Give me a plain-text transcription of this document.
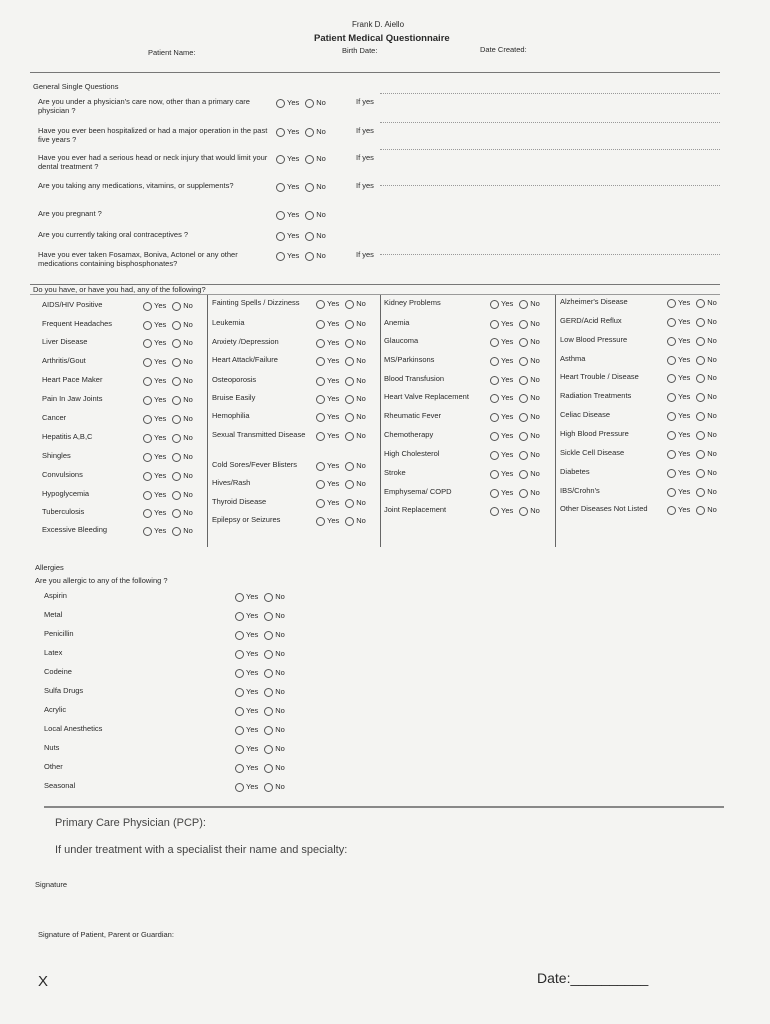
Frank D. Aiello
Patient Medical Questionnaire
Patient Name:	Birth Date:	Date Created:
General Single Questions
Are you under a physician's care now, other than a primary care physician ?
Yes No	If yes
Have you ever been hospitalized or had a major operation in the past five years ?
Yes No	If yes
Have you ever had a serious head or neck injury that would limit your dental treatment ?
Yes No	If yes
Are you taking any medications, vitamins, or supplements?	Yes No	If yes
Are you pregnant ?	Yes No
Are you currently taking oral contraceptives ?	Yes No
Have you ever taken Fosamax, Boniva, Actonel or any other medications containing bisphosphonates?
Yes No	If yes
Do you have, or have you had, any of the following?
AIDS/HIV Positive	Yes No
Frequent Headaches	Yes No
Liver Disease	Yes No
Arthritis/Gout	Yes No
Heart Pace Maker	Yes No
Pain In Jaw Joints	Yes No
Cancer	Yes No
Hepatitis A,B,C	Yes No
Shingles	Yes No
Convulsions	Yes No
Hypoglycemia	Yes No
Tuberculosis	Yes No
Excessive Bleeding	Yes No
Fainting Spells / Dizziness	Yes No
Leukemia	Yes No
Anxiety /Depression	Yes No
Heart Attack/Failure	Yes No
Osteoporosis	Yes No
Bruise Easily	Yes No
Hemophilia	Yes No
Sexual Transmitted Disease	Yes No
Cold Sores/Fever Blisters	Yes No
Hives/Rash	Yes No
Thyroid Disease	Yes No
Epilepsy or Seizures	Yes No
Kidney Problems	Yes No
Anemia	Yes No
Glaucoma	Yes No
MS/Parkinsons	Yes No
Blood Transfusion	Yes No
Heart Valve Replacement	Yes No
Rheumatic Fever	Yes No
Chemotherapy	Yes No
High Cholesterol	Yes No
Stroke	Yes No
Emphysema/ COPD	Yes No
Joint Replacement	Yes No
Alzheimer's Disease	Yes No
GERD/Acid Reflux	Yes No
Low Blood Pressure	Yes No
Asthma	Yes No
Heart Trouble / Disease	Yes No
Radiation Treatments	Yes No
Celiac Disease	Yes No
High Blood Pressure	Yes No
Sickle Cell Disease	Yes No
Diabetes	Yes No
IBS/Crohn's	Yes No
Other Diseases Not Listed	Yes No
Allergies
Are you allergic to any of the following ?
Aspirin	Yes No
Metal	Yes No
Penicillin	Yes No
Latex	Yes No
Codeine	Yes No
Sulfa Drugs	Yes No
Acrylic	Yes No
Local Anesthetics	Yes No
Nuts	Yes No
Other	Yes No
Seasonal	Yes No
Primary Care Physician (PCP):
If under treatment with a specialist their name and specialty:
Signature
Signature of Patient, Parent or Guardian:
X	Date:__________
